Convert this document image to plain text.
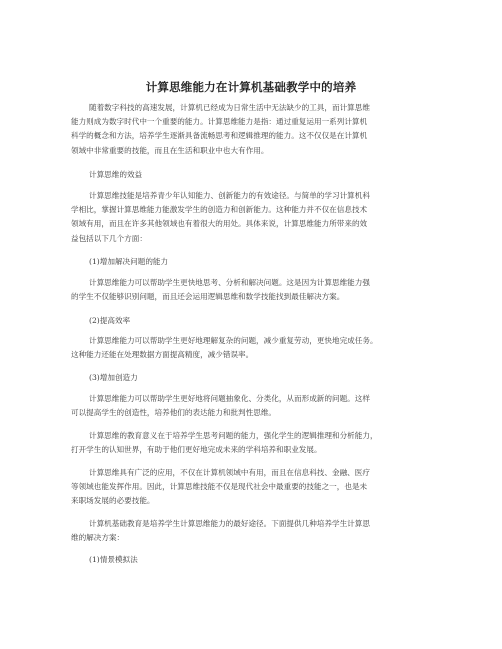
计算思维能力在计算机基础教学中的培养
随着数字科技的高速发展，计算机已经成为日常生活中无法缺少的工具，而计算思维
能力则成为数字时代中一个重要的能力。计算思维能力是指：通过重复运用一系列计算机
科学的概念和方法，培养学生逐渐具备流畅思考和逻辑推理的能力。这不仅仅是在计算机
领域中非常重要的技能，而且在生活和职业中也大有作用。
计算思维的效益
计算思维技能是培养青少年认知能力、创新能力的有效途径。与简单的学习计算机科
学相比，掌握计算思维能力能激发学生的创造力和创新能力。这种能力并不仅在信息技术
领域有用，而且在许多其他领域也有着很大的用处。具体来说，计算思维能力所带来的效
益包括以下几个方面：
(1)增加解决问题的能力
计算思维能力可以帮助学生更快地思考、分析和解决问题。这是因为计算思维能力强
的学生不仅能够识别问题，而且还会运用逻辑思维和数学技能找到最佳解决方案。
(2)提高效率
计算思维能力可以帮助学生更好地理解复杂的问题，减少重复劳动，更快地完成任务。
这种能力还能在处理数据方面提高精度，减少错误率。
(3)增加创造力
计算思维能力可以帮助学生更好地将问题抽象化、分类化，从而形成新的问题。这样
可以提高学生的创造性，培养他们的表达能力和批判性思维。
计算思维的教育意义在于培养学生思考问题的能力，强化学生的逻辑推理和分析能力，
打开学生的认知世界，有助于他们更好地完成未来的学科培养和职业发展。
计算思维具有广泛的应用，不仅在计算机领域中有用，而且在信息科技、金融、医疗
等领域也能发挥作用。因此，计算思维技能不仅是现代社会中最重要的技能之一，也是未
来职场发展的必要技能。
计算机基础教育是培养学生计算思维能力的最好途径。下面提供几种培养学生计算思
维的解决方案：
(1)情景模拟法
